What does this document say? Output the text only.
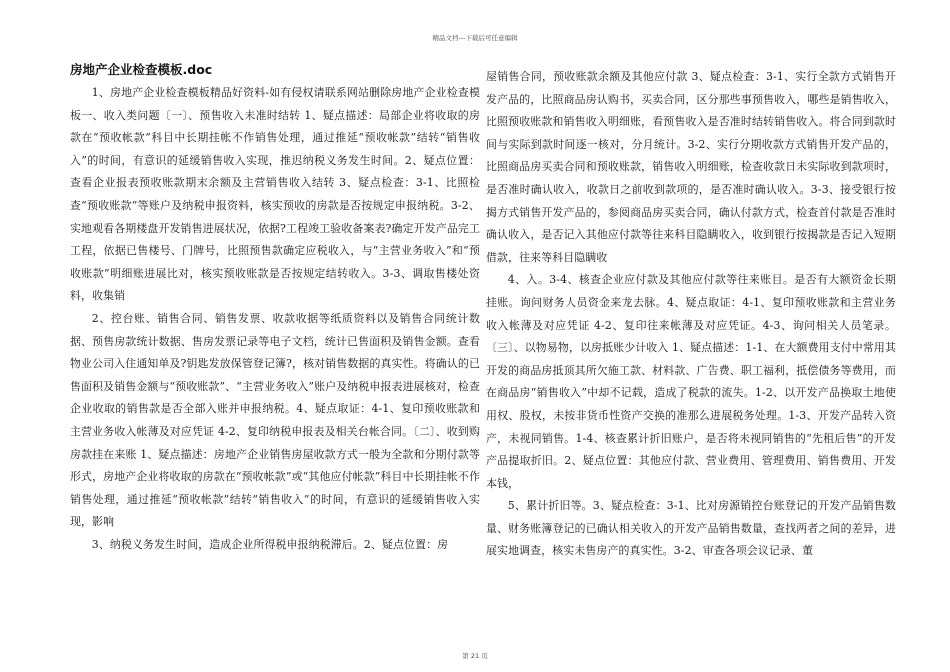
精品文档---下载后可任意编辑
房地产企业检查模板.doc

1、房地产企业检查模板精品好资料-如有侵权请联系网站删除房地产企业检查模板一、收入类问题〔一〕、预售收入未准时结转 1、疑点描述：局部企业将收取的房款在“预收帐款”科目中长期挂帐不作销售处理，通过推延“预收帐款”结转“销售收入”的时间，有意识的延缓销售收入实现，推迟纳税义务发生时间。2、疑点位置：查看企业报表预收账款期末余额及主营销售收入结转 3、疑点检查：3-1、比照检查“预收账款”等账户及纳税申报资料，核实预收的房款是否按规定申报纳税。3-2、实地观看各期楼盘开发销售进展状况，依据?工程竣工验收备案表?确定开发产品完工工程，依据已售楼号、门牌号，比照预售款确定应税收入，与“主营业务收入”和“预收账款”明细账进展比对，核实预收账款是否按规定结转收入。3-3、调取售楼处资料，收集销

2、控台账、销售合同、销售发票、收款收据等纸质资料以及销售合同统计数据、预售房款统计数据、售房发票记录等电子文档，统计已售面积及销售金额。查看物业公司入住通知单及?钥匙发放保管登记簿?，核对销售数据的真实性。将确认的已售面积及销售金额与“预收账款”、“主营业务收入”账户及纳税申报表进展核对，检查企业收取的销售款是否全部入账并申报纳税。4、疑点取证：4-1、复印预收账款和主营业务收入帐薄及对应凭证 4-2、复印纳税申报表及相关台帐合同。〔二〕、收到购房款挂在来账 1、疑点描述：房地产企业销售房屋收款方式一般为全款和分期付款等形式，房地产企业将收取的房款在“预收帐款”或“其他应付帐款”科目中长期挂帐不作销售处理，通过推延“预收帐款”结转“销售收入”的时间，有意识的延缓销售收入实现，影响

3、纳税义务发生时间，造成企业所得税申报纳税滞后。2、疑点位置：房

屋销售合同，预收账款余额及其他应付款 3、疑点检查：3-1、实行全款方式销售开发产品的，比照商品房认购书，买卖合同，区分那些事预售收入，哪些是销售收入，比照预收账款和销售收入明细账，看预售收入是否准时结转销售收入。将合同到款时间与实际到款时间逐一核对，分月统计。3-2、实行分期收款方式销售开发产品的，比照商品房买卖合同和预收账款，销售收入明细账，检查收款日未实际收到款项时，是否准时确认收入，收款日之前收到款项的，是否准时确认收入。3-3、接受银行按揭方式销售开发产品的，参阅商品房买卖合同，确认付款方式，检查首付款是否准时确认收入，是否记入其他应付款等往来科目隐瞒收入，收到银行按揭款是否记入短期借款，往来等科目隐瞒收

4、入。3-4、核查企业应付款及其他应付款等往来账目。是否有大额资金长期挂账。询问财务人员资金来龙去脉。4、疑点取证：4-1、复印预收账款和主营业务收入帐薄及对应凭证 4-2、复印往来帐薄及对应凭证。4-3、询问相关人员笔录。〔三〕、以物易物，以房抵账少计收入 1、疑点描述：1-1、在大额费用支付中常用其开发的商品房抵顶其所欠施工款、材料款、广告费、职工福利，抵偿债务等费用，而在商品房“销售收入”中却不记载，造成了税款的流失。1-2、以开发产品换取土地使用权、股权，未按非货币性资产交换的准那么进展税务处理。1-3、开发产品转入资产，未视同销售。1-4、核查累计折旧账户，是否将未视同销售的“先租后售”的开发产品提取折旧。2、疑点位置：其他应付款、营业费用、管理费用、销售费用、开发本钱，

5、累计折旧等。3、疑点检查：3-1、比对房源销控台账登记的开发产品销售数量、财务账簿登记的已确认相关收入的开发产品销售数量，查找两者之间的差异，进展实地调查，核实未售房产的真实性。3-2、审查各项会议记录、董

第 21 页
